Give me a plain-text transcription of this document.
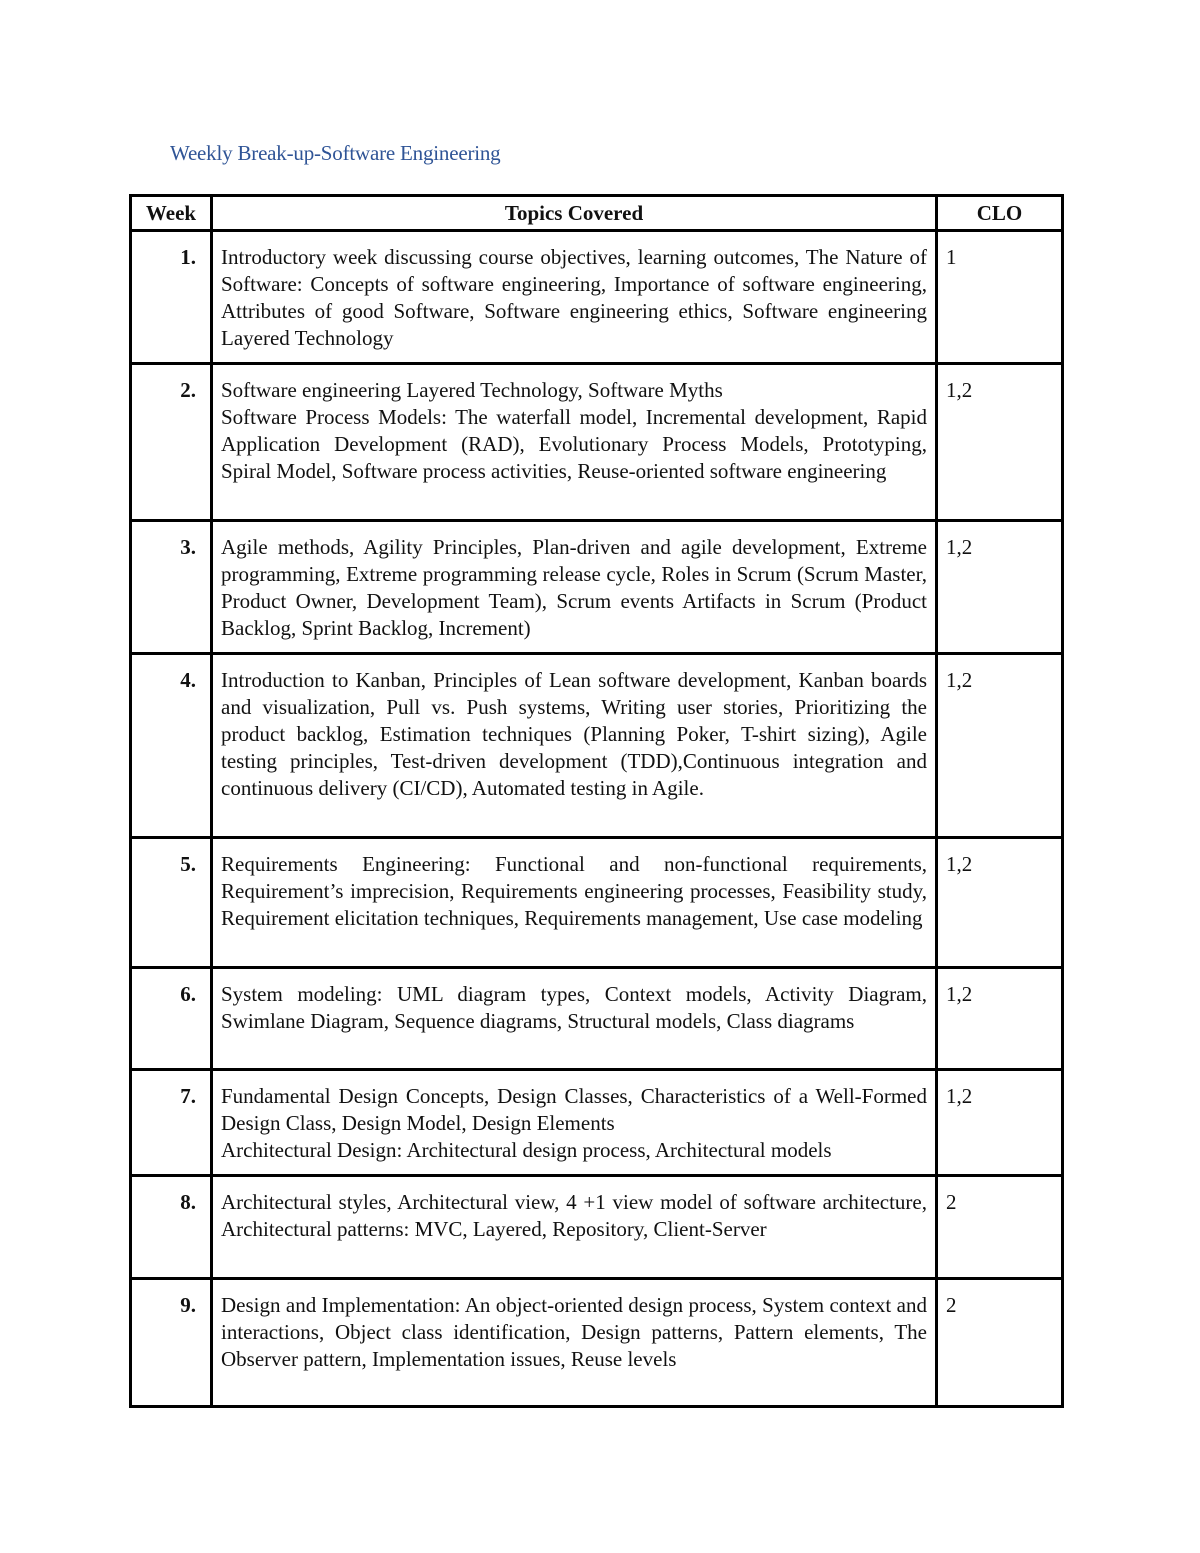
Weekly Break-up-Software Engineering
Week	Topics Covered	CLO
1.	Introductory week discussing course objectives, learning outcomes, The Nature of Software: Concepts of software engineering, Importance of software engineering, Attributes of good Software, Software engineering ethics, Software engineering Layered Technology	1
2.	Software engineering Layered Technology, Software Myths
Software Process Models: The waterfall model, Incremental development, Rapid Application Development (RAD), Evolutionary Process Models, Prototyping, Spiral Model, Software process activities, Reuse-oriented software engineering	1,2
3.	Agile methods, Agility Principles, Plan-driven and agile development, Extreme programming, Extreme programming release cycle, Roles in Scrum (Scrum Master, Product Owner, Development Team), Scrum events Artifacts in Scrum (Product Backlog, Sprint Backlog, Increment)	1,2
4.	Introduction to Kanban, Principles of Lean software development, Kanban boards and visualization, Pull vs. Push systems, Writing user stories, Prioritizing the product backlog, Estimation techniques (Planning Poker, T-shirt sizing), Agile testing principles, Test-driven development (TDD),Continuous integration and continuous delivery (CI/CD), Automated testing in Agile.	1,2
5.	Requirements Engineering: Functional and non-functional requirements, Requirement’s imprecision, Requirements engineering processes, Feasibility study, Requirement elicitation techniques, Requirements management, Use case modeling	1,2
6.	System modeling: UML diagram types, Context models, Activity Diagram, Swimlane Diagram, Sequence diagrams, Structural models, Class diagrams	1,2
7.	Fundamental Design Concepts, Design Classes, Characteristics of a Well-Formed Design Class, Design Model, Design Elements
Architectural Design: Architectural design process, Architectural models	1,2
8.	Architectural styles, Architectural view, 4 +1 view model of software architecture, Architectural patterns: MVC, Layered, Repository, Client-Server	2
9.	Design and Implementation: An object-oriented design process, System context and interactions, Object class identification, Design patterns, Pattern elements, The Observer pattern, Implementation issues, Reuse levels	2
